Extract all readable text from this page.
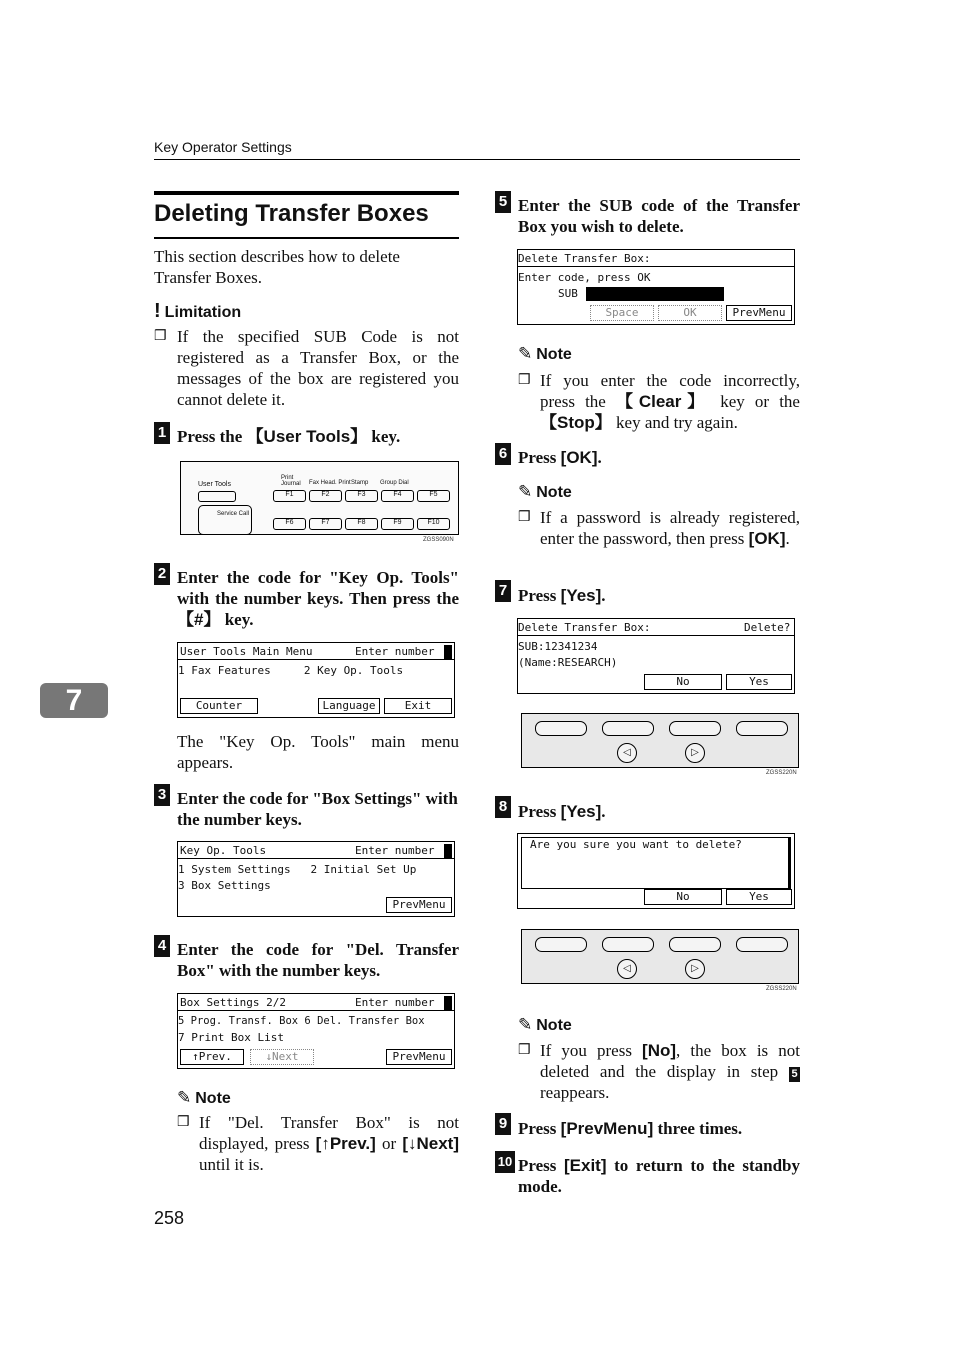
Key Operator Settings
7
258
Deleting Transfer Boxes
This section describes how to delete Transfer Boxes.
! Limitation
❒ If the specified SUB Code is not registered as a Transfer Box, or the messages of the box are registered you cannot delete it.
1 Press the 【User Tools】 key.
User Tools
Service Call
Print Journal	Fax Head. Print Stamp Group Dial
F1	F2	F3	F4	F5
F6	F7	F8	F9	F10
ZGSS090N
2 Enter the code for "Key Op. Tools" with the number keys. Then press the 【#】 key.
User Tools Main Menu	Enter number
1 Fax Features     2 Key Op. Tools
Counter	Language	Exit
The "Key Op. Tools" main menu appears.
3 Enter the code for "Box Settings" with the number keys.
Key Op. Tools	Enter number
1 System Settings   2 Initial Set Up
3 Box Settings
PrevMenu
4 Enter the code for "Del. Transfer Box" with the number keys.
Box Settings 2/2	Enter number
5 Prog. Transf. Box 6 Del. Transfer Box
7 Print Box List
↑Prev.	↓Next	PrevMenu
✎ Note
❒ If "Del. Transfer Box" is not displayed, press [↑Prev.] or [↓Next] until it is.
5 Enter the SUB code of the Transfer Box you wish to delete.
Delete Transfer Box:
Enter code, press OK
SUB
Space	OK	PrevMenu
✎ Note
❒ If you enter the code incorrectly, press the 【Clear】 key or the 【Stop】 key and try again.
6 Press [OK].
✎ Note
❒ If a password is already registered, enter the password, then press [OK].
7 Press [Yes].
Delete Transfer Box:	Delete?
SUB:12341234
(Name:RESEARCH)
No	Yes
◁	▷
ZGSS220N
8 Press [Yes].
Are you sure you want to delete?
No	Yes
◁	▷
ZGSS220N
✎ Note
❒ If you press [No], the box is not deleted and the display in step 5 reappears.
9 Press [PrevMenu] three times.
10 Press [Exit] to return to the standby mode.
